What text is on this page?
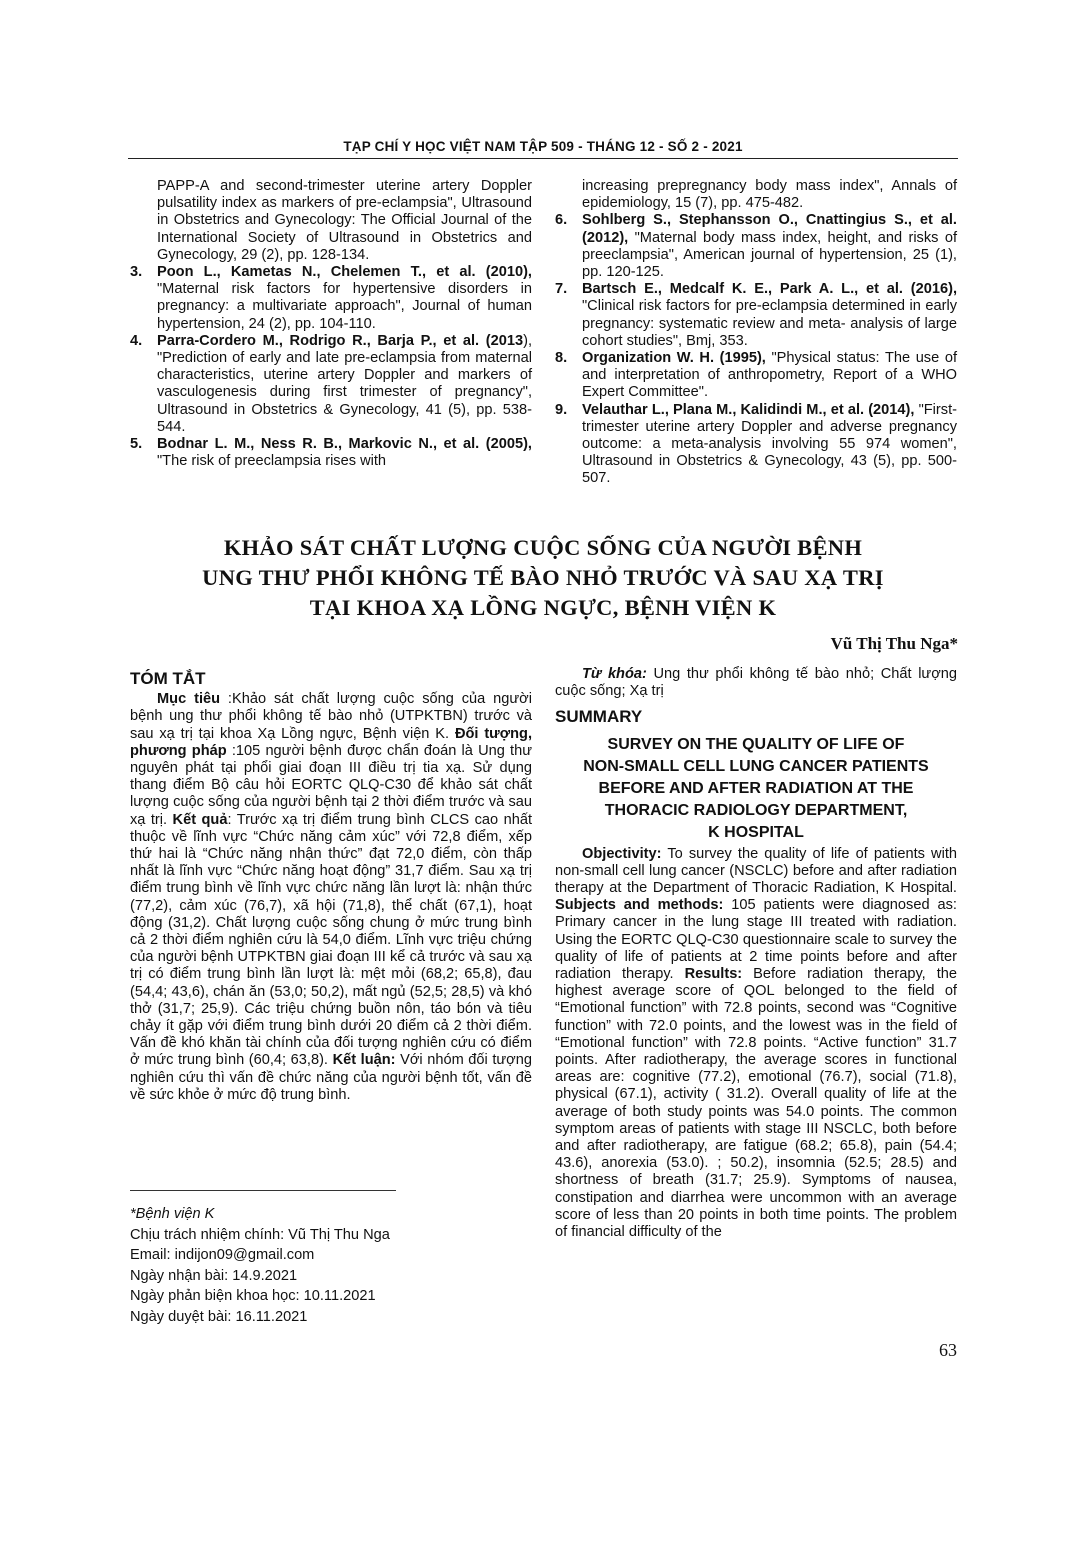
TẠP CHÍ Y HỌC VIỆT NAM TẬP 509 - THÁNG 12 - SỐ 2 - 2021
PAPP-A and second-trimester uterine artery Doppler pulsatility index as markers of pre-eclampsia", Ultrasound in Obstetrics and Gynecology: The Official Journal of the International Society of Ultrasound in Obstetrics and Gynecology, 29 (2), pp. 128-134.
3. Poon L., Kametas N., Chelemen T., et al. (2010), "Maternal risk factors for hypertensive disorders in pregnancy: a multivariate approach", Journal of human hypertension, 24 (2), pp. 104-110.
4. Parra-Cordero M., Rodrigo R., Barja P., et al. (2013), "Prediction of early and late pre-eclampsia from maternal characteristics, uterine artery Doppler and markers of vasculogenesis during first trimester of pregnancy", Ultrasound in Obstetrics & Gynecology, 41 (5), pp. 538-544.
5. Bodnar L. M., Ness R. B., Markovic N., et al. (2005), "The risk of preeclampsia rises with
increasing prepregnancy body mass index", Annals of epidemiology, 15 (7), pp. 475-482.
6. Sohlberg S., Stephansson O., Cnattingius S., et al. (2012), "Maternal body mass index, height, and risks of preeclampsia", American journal of hypertension, 25 (1), pp. 120-125.
7. Bartsch E., Medcalf K. E., Park A. L., et al. (2016), "Clinical risk factors for pre-eclampsia determined in early pregnancy: systematic review and meta- analysis of large cohort studies", Bmj, 353.
8. Organization W. H. (1995), "Physical status: The use of and interpretation of anthropometry, Report of a WHO Expert Committee".
9. Velauthar L., Plana M., Kalidindi M., et al. (2014), "First-trimester uterine artery Doppler and adverse pregnancy outcome: a meta-analysis involving 55 974 women", Ultrasound in Obstetrics & Gynecology, 43 (5), pp. 500-507.
KHẢO SÁT CHẤT LƯỢNG CUỘC SỐNG CỦA NGƯỜI BỆNH
UNG THƯ PHỔI KHÔNG TẾ BÀO NHỎ TRƯỚC VÀ SAU XẠ TRỊ
TẠI KHOA XẠ LỒNG NGỰC, BỆNH VIỆN K
Vũ Thị Thu Nga*
TÓM TẮT
Mục tiêu :Khảo sát chất lượng cuộc sống của người bệnh ung thư phổi không tế bào nhỏ (UTPKTBN) trước và sau xạ trị tại khoa Xạ Lồng ngực, Bệnh viện K. Đối tượng, phương pháp :105 người bệnh được chẩn đoán là Ung thư nguyên phát tại phổi giai đoạn III điều trị tia xạ. Sử dụng thang điểm Bộ câu hỏi EORTC QLQ-C30 để khảo sát chất lượng cuộc sống của người bệnh tại 2 thời điểm trước và sau xạ trị. Kết quả: Trước xạ trị điểm trung bình CLCS cao nhất thuộc về lĩnh vực “Chức năng cảm xúc” với 72,8 điểm, xếp thứ hai là “Chức năng nhận thức” đạt 72,0 điểm, còn thấp nhất là lĩnh vực “Chức năng hoạt động” 31,7 điểm. Sau xạ trị điểm trung bình về lĩnh vực chức năng lần lượt là: nhận thức (77,2), cảm xúc (76,7), xã hội (71,8), thể chất (67,1), hoạt động (31,2). Chất lượng cuộc sống chung ở mức trung bình cả 2 thời điểm nghiên cứu là 54,0 điểm. Lĩnh vực triệu chứng của người bệnh UTPKTBN giai đoạn III kể cả trước và sau xạ trị có điểm trung bình lần lượt là: mệt mỏi (68,2; 65,8), đau (54,4; 43,6), chán ăn (53,0; 50,2), mất ngủ (52,5; 28,5) và khó thở (31,7; 25,9). Các triệu chứng buồn nôn, táo bón và tiêu chảy ít gặp với điểm trung bình dưới 20 điểm cả 2 thời điểm. Vấn đề khó khăn tài chính của đối tượng nghiên cứu có điểm ở mức trung bình (60,4; 63,8). Kết luận: Với nhóm đối tượng nghiên cứu thì vấn đề chức năng của người bệnh tốt, vấn đề về sức khỏe ở mức độ trung bình.
*Bệnh viện K
Chịu trách nhiệm chính: Vũ Thị Thu Nga
Email: indijon09@gmail.com
Ngày nhận bài: 14.9.2021
Ngày phản biện khoa học: 10.11.2021
Ngày duyệt bài: 16.11.2021
Từ khóa: Ung thư phổi không tế bào nhỏ; Chất lượng cuộc sống; Xạ trị
SUMMARY
SURVEY ON THE QUALITY OF LIFE OF
NON-SMALL CELL LUNG CANCER PATIENTS
BEFORE AND AFTER RADIATION AT THE
THORACIC RADIOLOGY DEPARTMENT,
K HOSPITAL
Objectivity: To survey the quality of life of patients with non-small cell lung cancer (NSCLC) before and after radiation therapy at the Department of Thoracic Radiation, K Hospital. Subjects and methods: 105 patients were diagnosed as: Primary cancer in the lung stage III treated with radiation. Using the EORTC QLQ-C30 questionnaire scale to survey the quality of life of patients at 2 time points before and after radiation therapy. Results: Before radiation therapy, the highest average score of QOL belonged to the field of “Emotional function” with 72.8 points, second was “Cognitive function” with 72.0 points, and the lowest was in the field of “Emotional function” with 72.8 points. “Active function” 31.7 points. After radiotherapy, the average scores in functional areas are: cognitive (77.2), emotional (76.7), social (71.8), physical (67.1), activity ( 31.2). Overall quality of life at the average of both study points was 54.0 points. The common symptom areas of patients with stage III NSCLC, both before and after radiotherapy, are fatigue (68.2; 65.8), pain (54.4; 43.6), anorexia (53.0). ; 50.2), insomnia (52.5; 28.5) and shortness of breath (31.7; 25.9). Symptoms of nausea, constipation and diarrhea were uncommon with an average score of less than 20 points in both time points. The problem of financial difficulty of the
63
